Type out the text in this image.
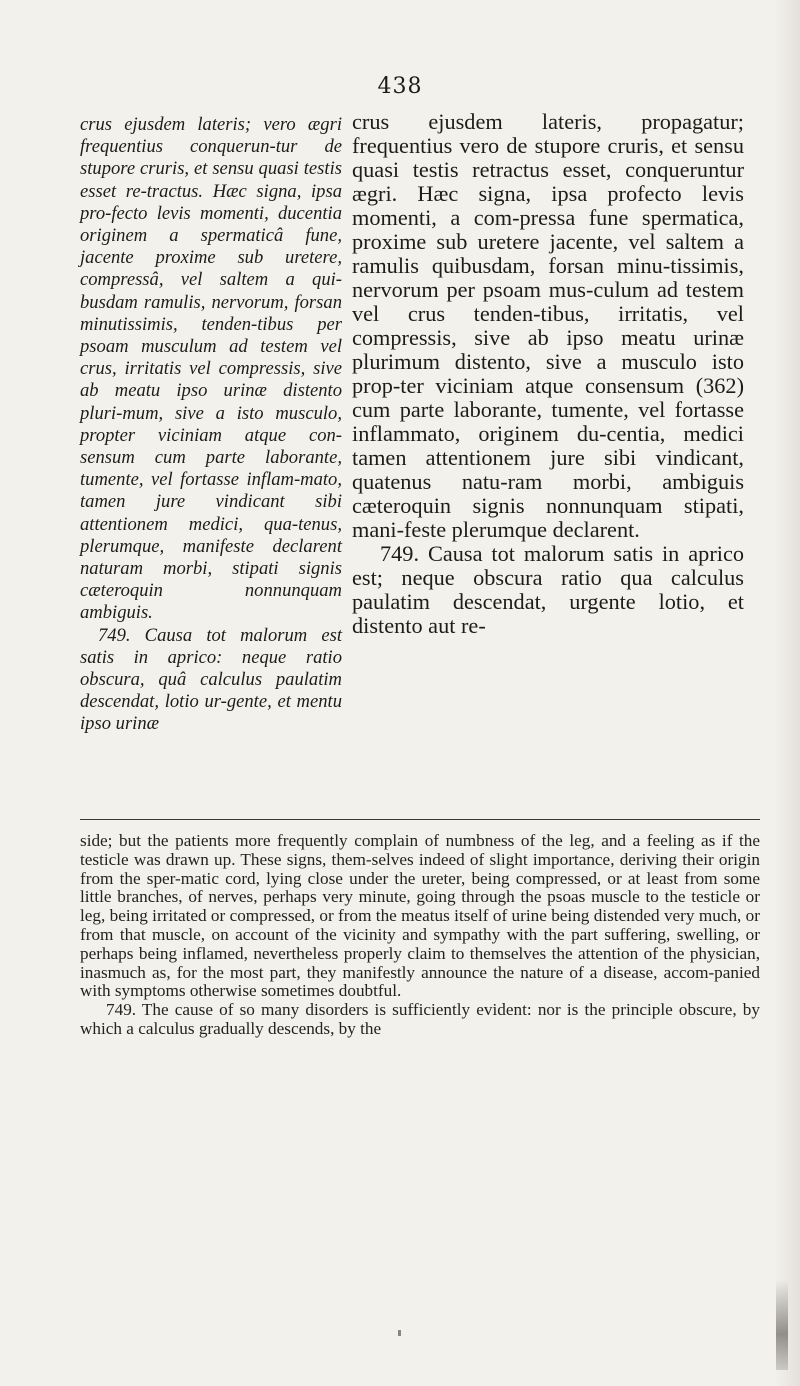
438

crus ejusdem lateris; vero ægri frequentius conquerun-tur de stupore cruris, et sensu quasi testis esset re-tractus. Hæc signa, ipsa pro-fecto levis momenti, ducentia originem a spermaticâ fune, jacente proxime sub uretere, compressâ, vel saltem a qui-busdam ramulis, nervorum, forsan minutissimis, tenden-tibus per psoam musculum ad testem vel crus, irritatis vel compressis, sive ab meatu ipso urinæ distento pluri-mum, sive a isto musculo, propter viciniam atque con-sensum cum parte laborante, tumente, vel fortasse inflam-mato, tamen jure vindicant sibi attentionem medici, qua-tenus, plerumque, manifeste declarent naturam morbi, stipati signis cæteroquin nonnunquam ambiguis.

749. Causa tot malorum est satis in aprico: neque ratio obscura, quâ calculus paulatim descendat, lotio ur-gente, et mentu ipso urinæ

crus ejusdem lateris, propagatur; frequentius vero de stupore cruris, et sensu quasi testis retractus esset, conqueruntur ægri. Hæc signa, ipsa profecto levis momenti, a com-pressa fune spermatica, proxime sub uretere jacente, vel saltem a ramulis quibusdam, forsan minu-tissimis, nervorum per psoam mus-culum ad testem vel crus tenden-tibus, irritatis, vel compressis, sive ab ipso meatu urinæ plurimum distento, sive a musculo isto prop-ter viciniam atque consensum (362) cum parte laborante, tumente, vel fortasse inflammato, originem du-centia, medici tamen attentionem jure sibi vindicant, quatenus natu-ram morbi, ambiguis cæteroquin signis nonnunquam stipati, mani-feste plerumque declarent.

749. Causa tot malorum satis in aprico est; neque obscura ratio qua calculus paulatim descendat, urgente lotio, et distento aut re-

side; but the patients more frequently complain of numbness of the leg, and a feeling as if the testicle was drawn up. These signs, them-selves indeed of slight importance, deriving their origin from the sper-matic cord, lying close under the ureter, being compressed, or at least from some little branches, of nerves, perhaps very minute, going through the psoas muscle to the testicle or leg, being irritated or compressed, or from the meatus itself of urine being distended very much, or from that muscle, on account of the vicinity and sympathy with the part suffering, swelling, or perhaps being inflamed, nevertheless properly claim to themselves the attention of the physician, inasmuch as, for the most part, they manifestly announce the nature of a disease, accom-panied with symptoms otherwise sometimes doubtful.

749. The cause of so many disorders is sufficiently evident: nor is the principle obscure, by which a calculus gradually descends, by the
